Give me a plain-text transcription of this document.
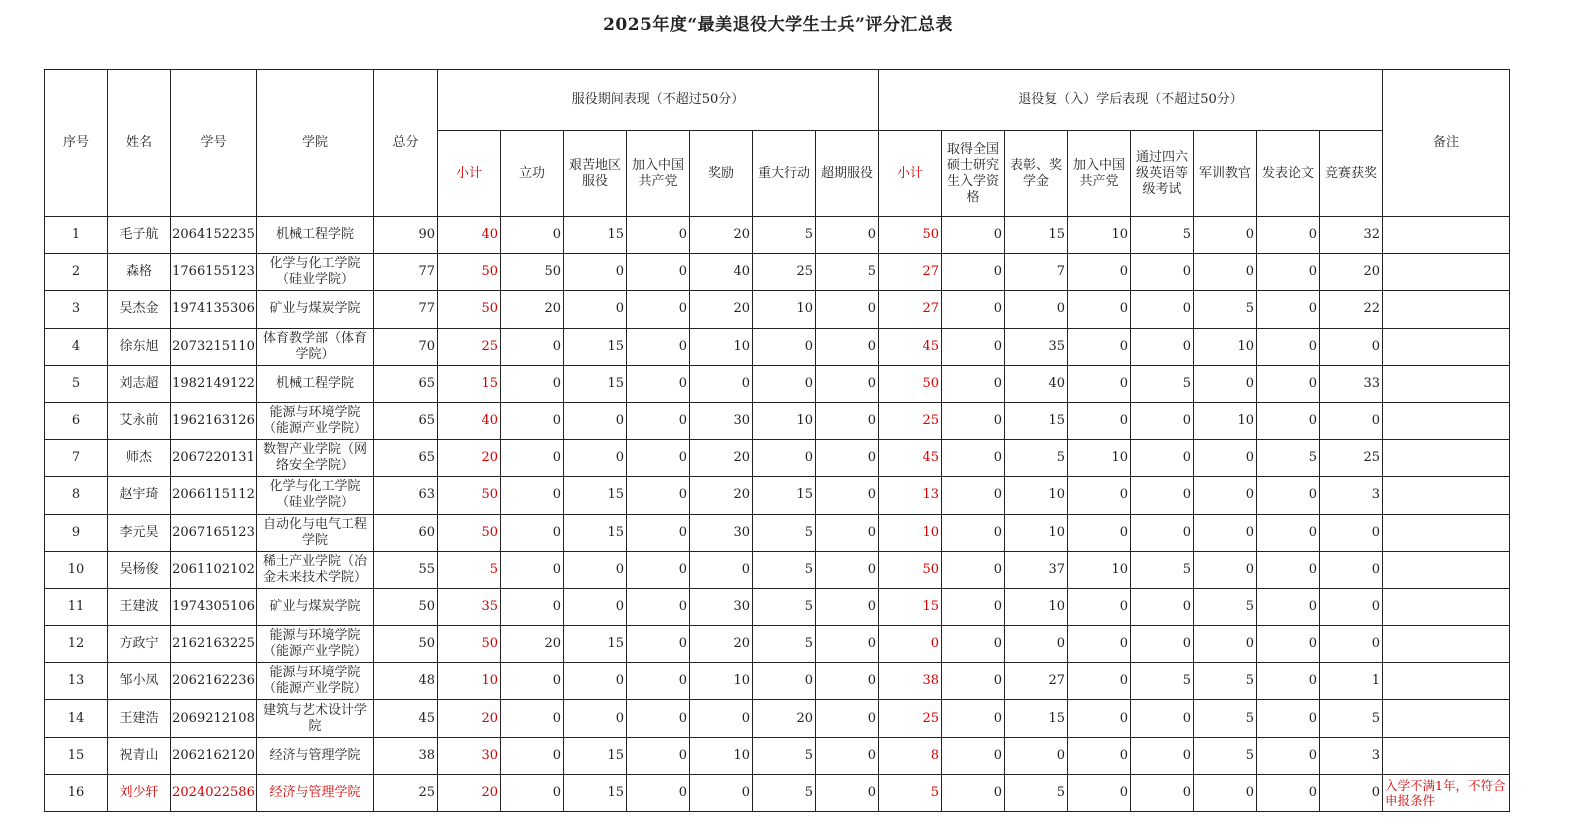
2025年度“最美退役大学生士兵”评分汇总表
序号	姓名	学号	学院	总分	服役期间表现（不超过50分）							退役复（入）学后表现（不超过50分）								备注
					小计	立功	艰苦地区服役	加入中国共产党	奖励	重大行动	超期服役	小计	取得全国硕士研究生入学资格	表彰、奖学金	加入中国共产党	通过四六级英语等级考试	军训教官	发表论文	竞赛获奖	
1	毛子航	2064152235	机械工程学院	90	40	0	15	0	20	5	0	50	0	15	10	5	0	0	32	
2	森格	1766155123	化学与化工学院（硅业学院）	77	50	50	0	0	40	25	5	27	0	7	0	0	0	0	20	
3	吴杰金	1974135306	矿业与煤炭学院	77	50	20	0	0	20	10	0	27	0	0	0	0	5	0	22	
4	徐东旭	2073215110	体育教学部（体育学院）	70	25	0	15	0	10	0	0	45	0	35	0	0	10	0	0	
5	刘志超	1982149122	机械工程学院	65	15	0	15	0	0	0	0	50	0	40	0	5	0	0	33	
6	艾永前	1962163126	能源与环境学院（能源产业学院）	65	40	0	0	0	30	10	0	25	0	15	0	0	10	0	0	
7	师杰	2067220131	数智产业学院（网络安全学院）	65	20	0	0	0	20	0	0	45	0	5	10	0	0	5	25	
8	赵宇琦	2066115112	化学与化工学院（硅业学院）	63	50	0	15	0	20	15	0	13	0	10	0	0	0	0	3	
9	李元昊	2067165123	自动化与电气工程学院	60	50	0	15	0	30	5	0	10	0	10	0	0	0	0	0	
10	吴杨俊	2061102102	稀土产业学院（冶金未来技术学院）	55	5	0	0	0	0	5	0	50	0	37	10	5	0	0	0	
11	王建波	1974305106	矿业与煤炭学院	50	35	0	0	0	30	5	0	15	0	10	0	0	5	0	0	
12	方政宁	2162163225	能源与环境学院（能源产业学院）	50	50	20	15	0	20	5	0	0	0	0	0	0	0	0	0	
13	邹小凤	2062162236	能源与环境学院（能源产业学院）	48	10	0	0	0	10	0	0	38	0	27	0	5	5	0	1	
14	王建浩	2069212108	建筑与艺术设计学院	45	20	0	0	0	0	20	0	25	0	15	0	0	5	0	5	
15	祝青山	2062162120	经济与管理学院	38	30	0	15	0	10	5	0	8	0	0	0	0	5	0	3	
16	刘少轩	2024022586	经济与管理学院	25	20	0	15	0	0	5	0	5	0	5	0	0	0	0	0	入学不满1年，不符合申报条件
